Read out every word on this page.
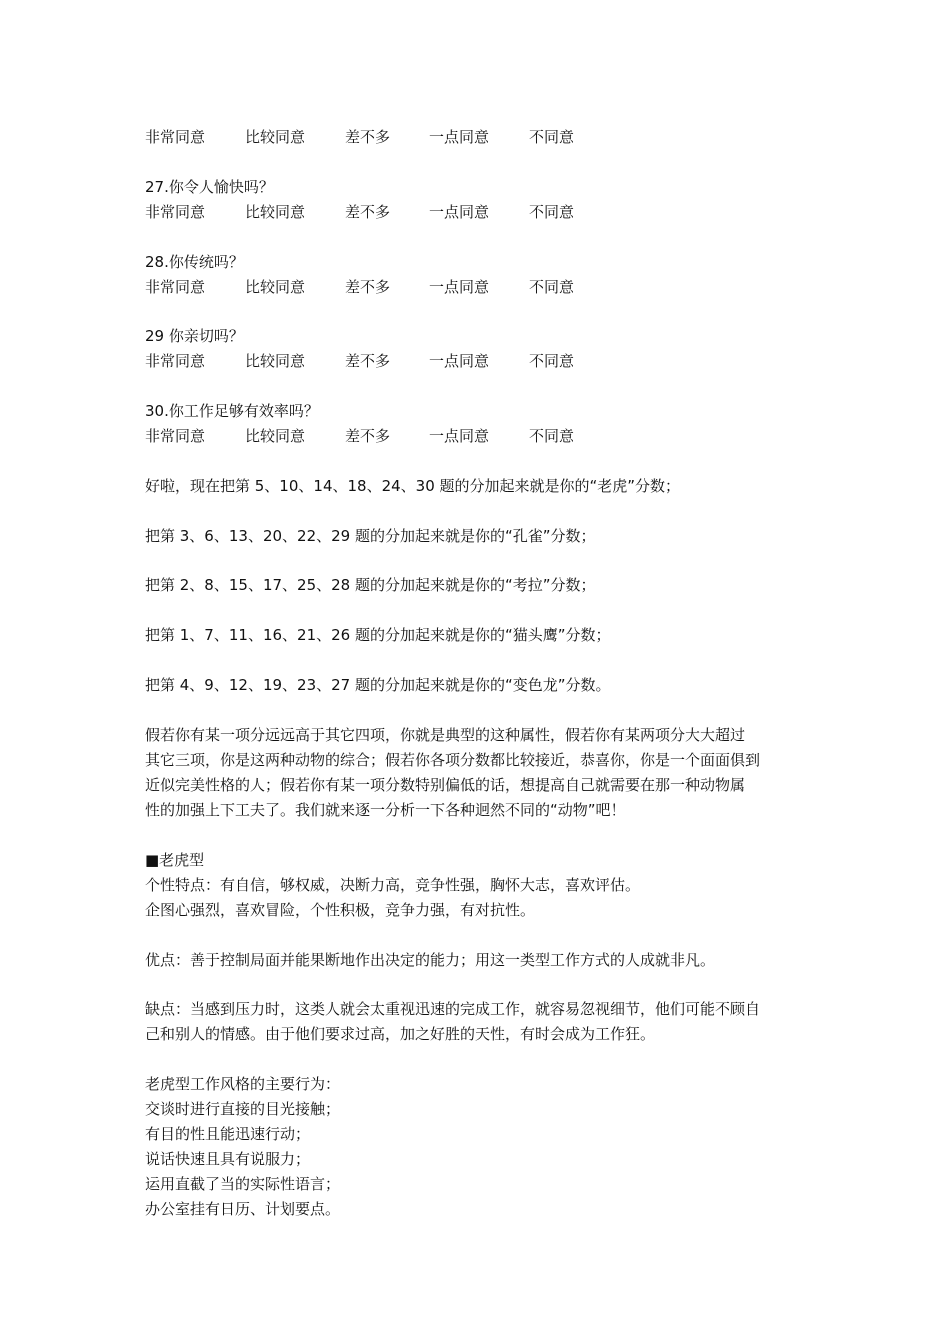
非常同意	比较同意	差不多	一点同意	不同意
27.你令人愉快吗？
非常同意	比较同意	差不多	一点同意	不同意
28.你传统吗？
非常同意	比较同意	差不多	一点同意	不同意
29 你亲切吗？
非常同意	比较同意	差不多	一点同意	不同意
30.你工作足够有效率吗？
非常同意	比较同意	差不多	一点同意	不同意
好啦，现在把第 5、10、14、18、24、30 题的分加起来就是你的“老虎”分数；
把第 3、6、13、20、22、29 题的分加起来就是你的“孔雀”分数；
把第 2、8、15、17、25、28 题的分加起来就是你的“考拉”分数；
把第 1、7、11、16、21、26 题的分加起来就是你的“猫头鹰”分数；
把第 4、9、12、19、23、27 题的分加起来就是你的“变色龙”分数。
假若你有某一项分远远高于其它四项，你就是典型的这种属性，假若你有某两项分大大超过
其它三项，你是这两种动物的综合；假若你各项分数都比较接近，恭喜你，你是一个面面俱到
近似完美性格的人；假若你有某一项分数特别偏低的话，想提高自己就需要在那一种动物属
性的加强上下工夫了。我们就来逐一分析一下各种迥然不同的“动物”吧！
■老虎型
个性特点：有自信，够权威，决断力高，竞争性强，胸怀大志，喜欢评估。
企图心强烈，喜欢冒险，个性积极，竞争力强，有对抗性。
优点：善于控制局面并能果断地作出决定的能力；用这一类型工作方式的人成就非凡。
缺点：当感到压力时，这类人就会太重视迅速的完成工作，就容易忽视细节，他们可能不顾自
己和别人的情感。由于他们要求过高，加之好胜的天性，有时会成为工作狂。
老虎型工作风格的主要行为：
交谈时进行直接的目光接触；
有目的性且能迅速行动；
说话快速且具有说服力；
运用直截了当的实际性语言；
办公室挂有日历、计划要点。
